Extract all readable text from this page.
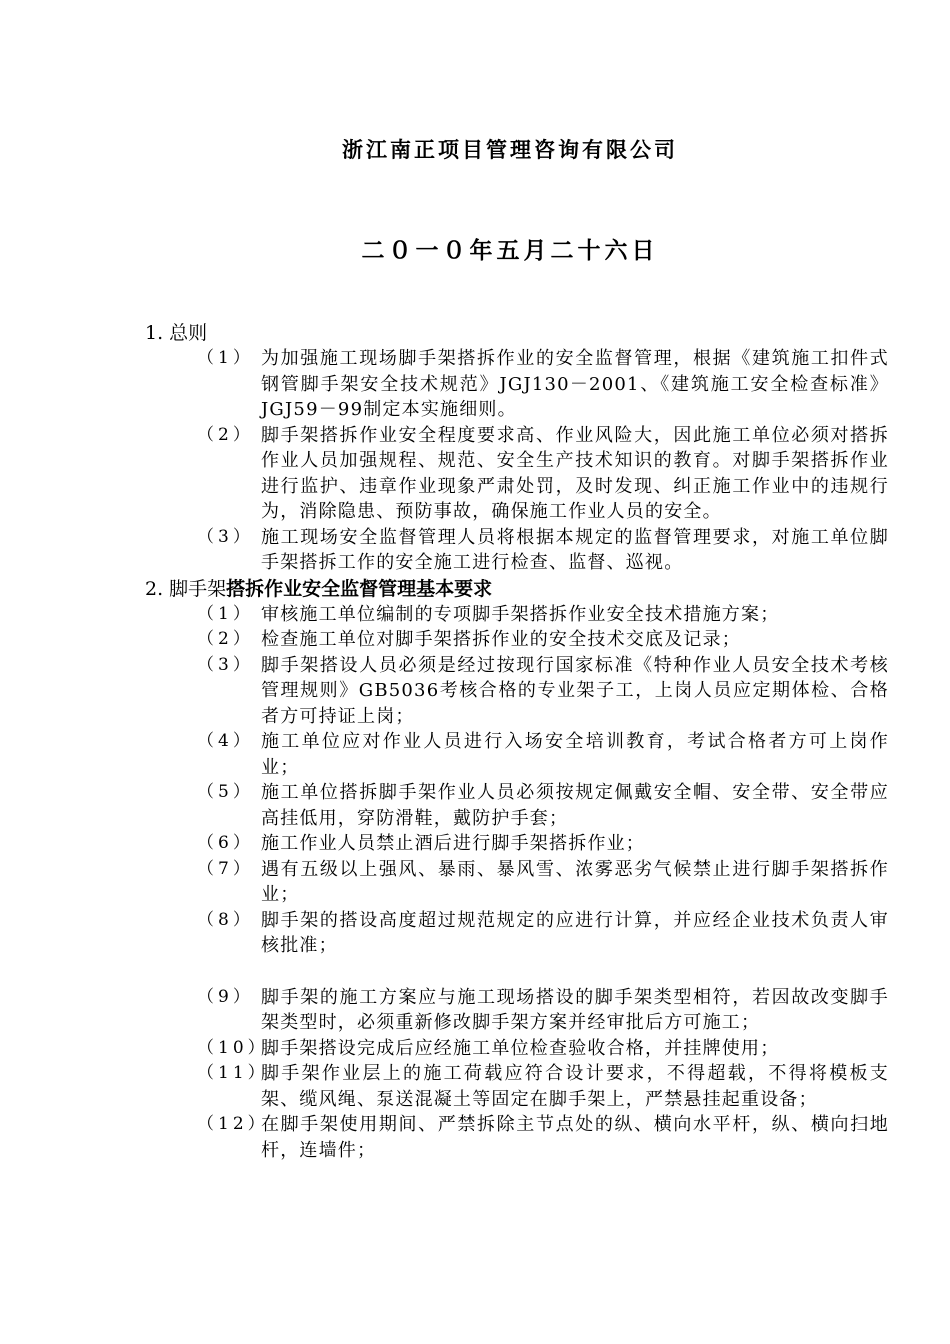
浙江南正项目管理咨询有限公司
二０一０年五月二十六日
1. 总则
（1） 为加强施工现场脚手架搭拆作业的安全监督管理，根据《建筑施工扣件式钢管脚手架安全技术规范》JGJ130－2001、《建筑施工安全检查标准》JGJ59－99制定本实施细则。
（2） 脚手架搭拆作业安全程度要求高、作业风险大，因此施工单位必须对搭拆作业人员加强规程、规范、安全生产技术知识的教育。对脚手架搭拆作业进行监护、违章作业现象严肃处罚，及时发现、纠正施工作业中的违规行为，消除隐患、预防事故，确保施工作业人员的安全。
（3） 施工现场安全监督管理人员将根据本规定的监督管理要求，对施工单位脚手架搭拆工作的安全施工进行检查、监督、巡视。
2. 脚手架搭拆作业安全监督管理基本要求
（1） 审核施工单位编制的专项脚手架搭拆作业安全技术措施方案；
（2） 检查施工单位对脚手架搭拆作业的安全技术交底及记录；
（3） 脚手架搭设人员必须是经过按现行国家标准《特种作业人员安全技术考核管理规则》GB5036考核合格的专业架子工，上岗人员应定期体检、合格者方可持证上岗；
（4） 施工单位应对作业人员进行入场安全培训教育，考试合格者方可上岗作业；
（5） 施工单位搭拆脚手架作业人员必须按规定佩戴安全帽、安全带、安全带应高挂低用，穿防滑鞋，戴防护手套；
（6） 施工作业人员禁止酒后进行脚手架搭拆作业；
（7） 遇有五级以上强风、暴雨、暴风雪、浓雾恶劣气候禁止进行脚手架搭拆作业；
（8） 脚手架的搭设高度超过规范规定的应进行计算，并应经企业技术负责人审核批准；
（9） 脚手架的施工方案应与施工现场搭设的脚手架类型相符，若因故改变脚手架类型时，必须重新修改脚手架方案并经审批后方可施工；
（10）
脚手架搭设完成后应经施工单位检查验收合格，并挂牌使用；
（11）
脚手架作业层上的施工荷载应符合设计要求，不得超载，不得将模板支架、缆风绳、泵送混凝土等固定在脚手架上，严禁悬挂起重设备；
（12）
在脚手架使用期间、严禁拆除主节点处的纵、横向水平杆，纵、横向扫地杆，连墙件；
